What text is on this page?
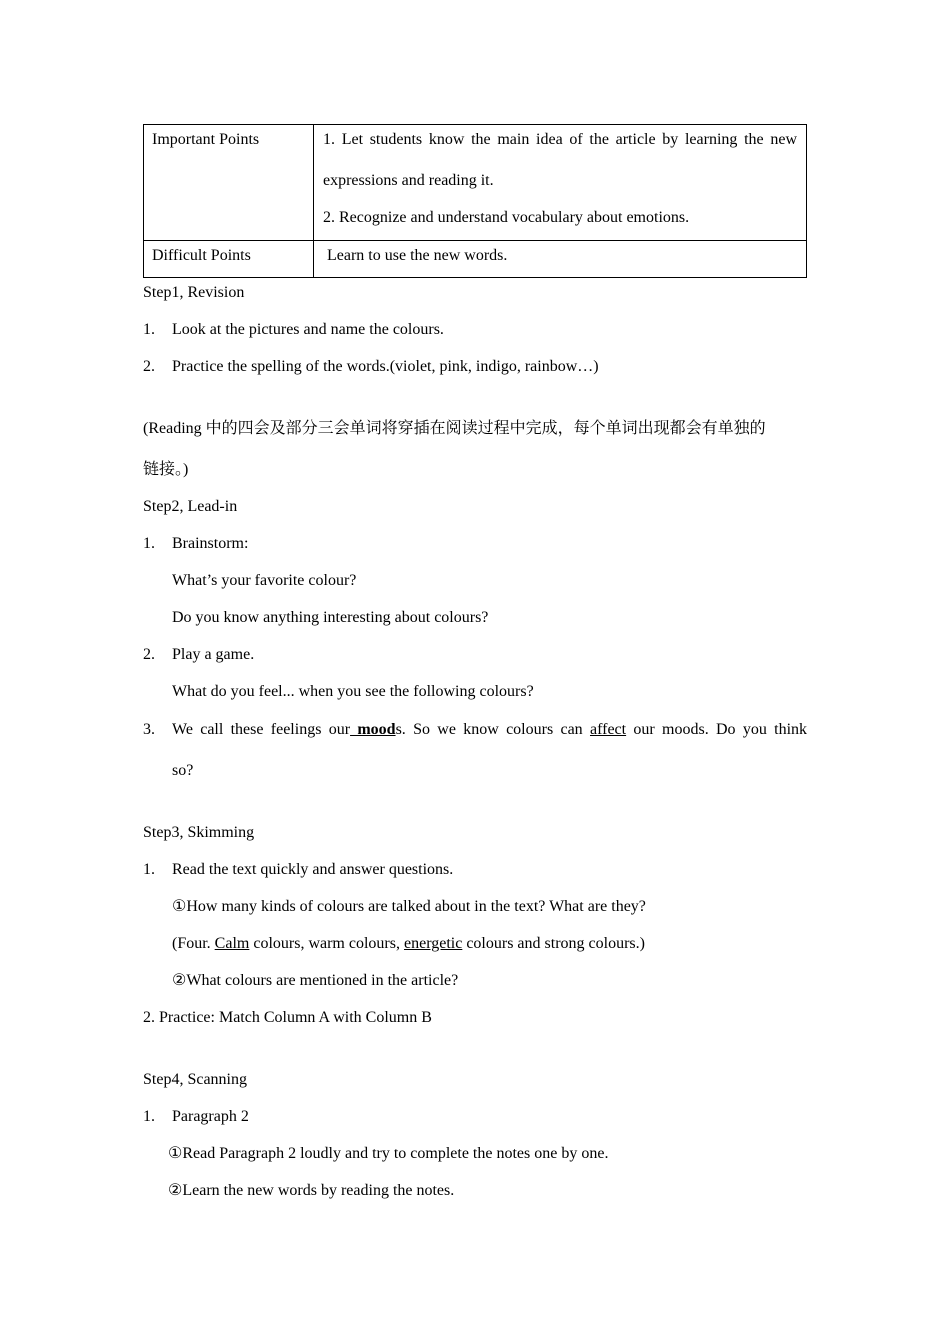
Important Points	1. Let students know the main idea of the article by learning the new
expressions and reading it.
2. Recognize and understand vocabulary about emotions.

Difficult Points	Learn to use the new words.
Step1, Revision
1. Look at the pictures and name the colours.
2. Practice the spelling of the words.(violet, pink, indigo, rainbow…)
(Reading 中的四会及部分三会单词将穿插在阅读过程中完成，每个单词出现都会有单独的
链接。)
Step2, Lead-in
1. Brainstorm:
What’s your favorite colour?
Do you know anything interesting about colours?
2. Play a game.
What do you feel... when you see the following colours?
3. We call these feelings our moods. So we know colours can affect our moods. Do you think
so?
Step3, Skimming
1. Read the text quickly and answer questions.
①How many kinds of colours are talked about in the text? What are they?
(Four. Calm colours, warm colours, energetic colours and strong colours.)
②What colours are mentioned in the article?
2. Practice: Match Column A with Column B
Step4, Scanning
1. Paragraph 2
①Read Paragraph 2 loudly and try to complete the notes one by one.
②Learn the new words by reading the notes.
